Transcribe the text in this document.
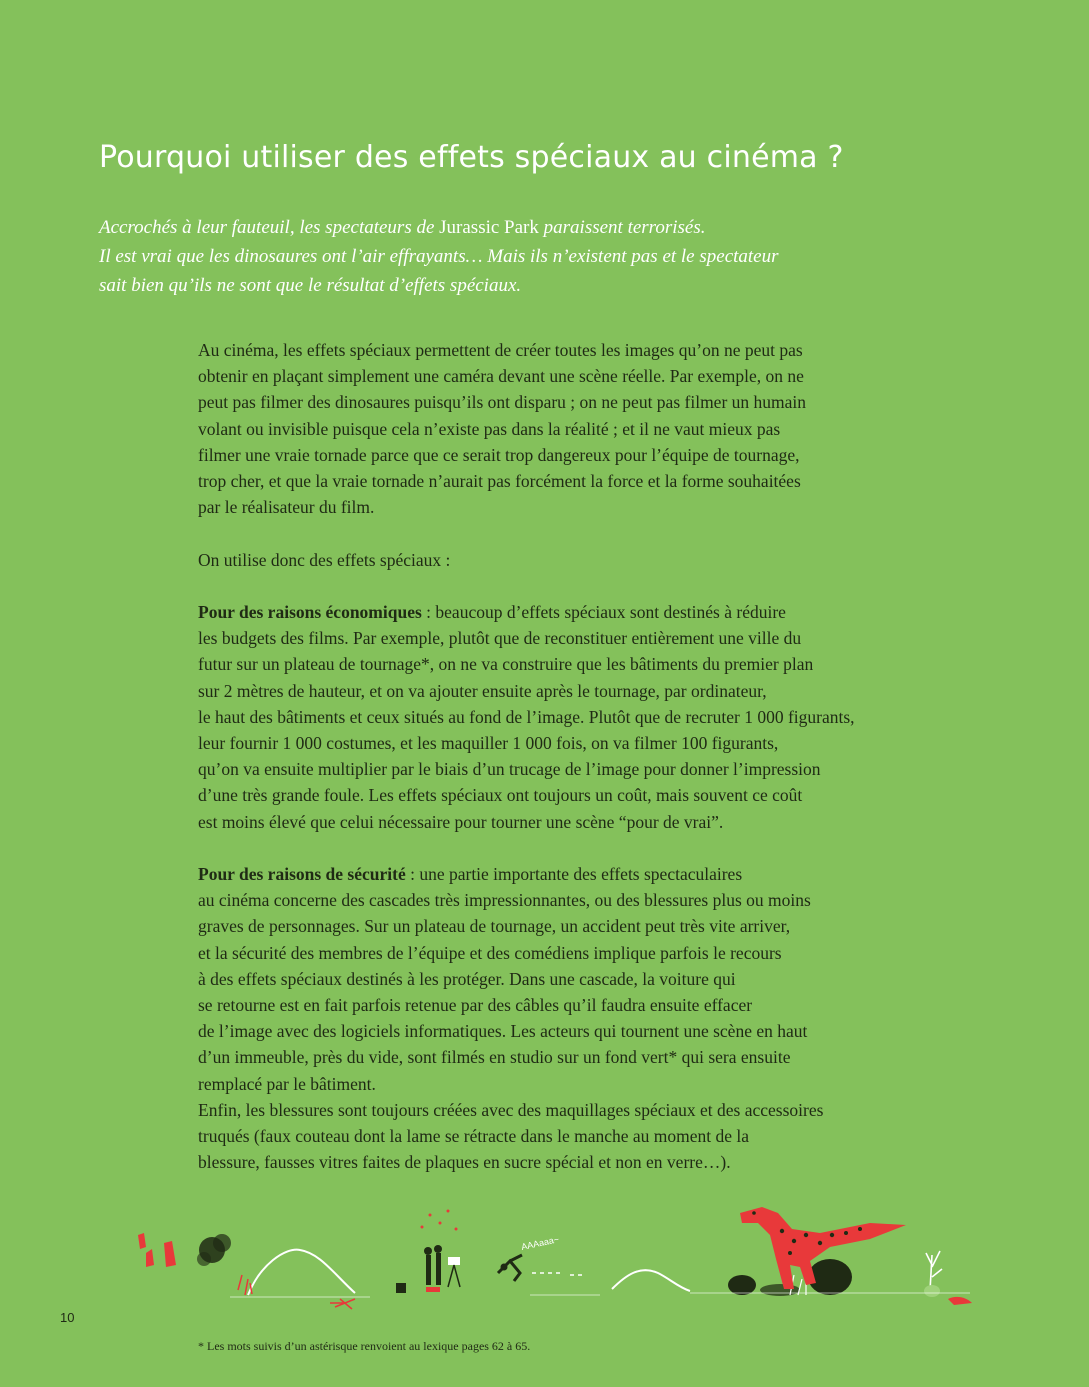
Pourquoi utiliser des effets spéciaux au cinéma ?

Accrochés à leur fauteuil, les spectateurs de Jurassic Park paraissent terrorisés.
Il est vrai que les dinosaures ont l’air effrayants… Mais ils n’existent pas et le spectateur
sait bien qu’ils ne sont que le résultat d’effets spéciaux.

Au cinéma, les effets spéciaux permettent de créer toutes les images qu’on ne peut pas
obtenir en plaçant simplement une caméra devant une scène réelle. Par exemple, on ne
peut pas filmer des dinosaures puisqu’ils ont disparu ; on ne peut pas filmer un humain
volant ou invisible puisque cela n’existe pas dans la réalité ; et il ne vaut mieux pas
filmer une vraie tornade parce que ce serait trop dangereux pour l’équipe de tournage,
trop cher, et que la vraie tornade n’aurait pas forcément la force et la forme souhaitées
par le réalisateur du film.

On utilise donc des effets spéciaux :

Pour des raisons économiques : beaucoup d’effets spéciaux sont destinés à réduire
les budgets des films. Par exemple, plutôt que de reconstituer entièrement une ville du
futur sur un plateau de tournage*, on ne va construire que les bâtiments du premier plan
sur 2 mètres de hauteur, et on va ajouter ensuite après le tournage, par ordinateur,
le haut des bâtiments et ceux situés au fond de l’image. Plutôt que de recruter 1 000 figurants,
leur fournir 1 000 costumes, et les maquiller 1 000 fois, on va filmer 100 figurants,
qu’on va ensuite multiplier par le biais d’un trucage de l’image pour donner l’impression
d’une très grande foule. Les effets spéciaux ont toujours un coût, mais souvent ce coût
est moins élevé que celui nécessaire pour tourner une scène “pour de vrai”.

Pour des raisons de sécurité : une partie importante des effets spectaculaires
au cinéma concerne des cascades très impressionnantes, ou des blessures plus ou moins
graves de personnages. Sur un plateau de tournage, un accident peut très vite arriver,
et la sécurité des membres de l’équipe et des comédiens implique parfois le recours
à des effets spéciaux destinés à les protéger. Dans une cascade, la voiture qui
se retourne est en fait parfois retenue par des câbles qu’il faudra ensuite effacer
de l’image avec des logiciels informatiques. Les acteurs qui tournent une scène en haut
d’un immeuble, près du vide, sont filmés en studio sur un fond vert* qui sera ensuite
remplacé par le bâtiment.
Enfin, les blessures sont toujours créées avec des maquillages spéciaux et des accessoires
truqués (faux couteau dont la lame se rétracte dans le manche au moment de la
blessure, fausses vitres faites de plaques en sucre spécial et non en verre…).

AAAaaa~
10
* Les mots suivis d’un astérisque renvoient au lexique pages 62 à 65.
